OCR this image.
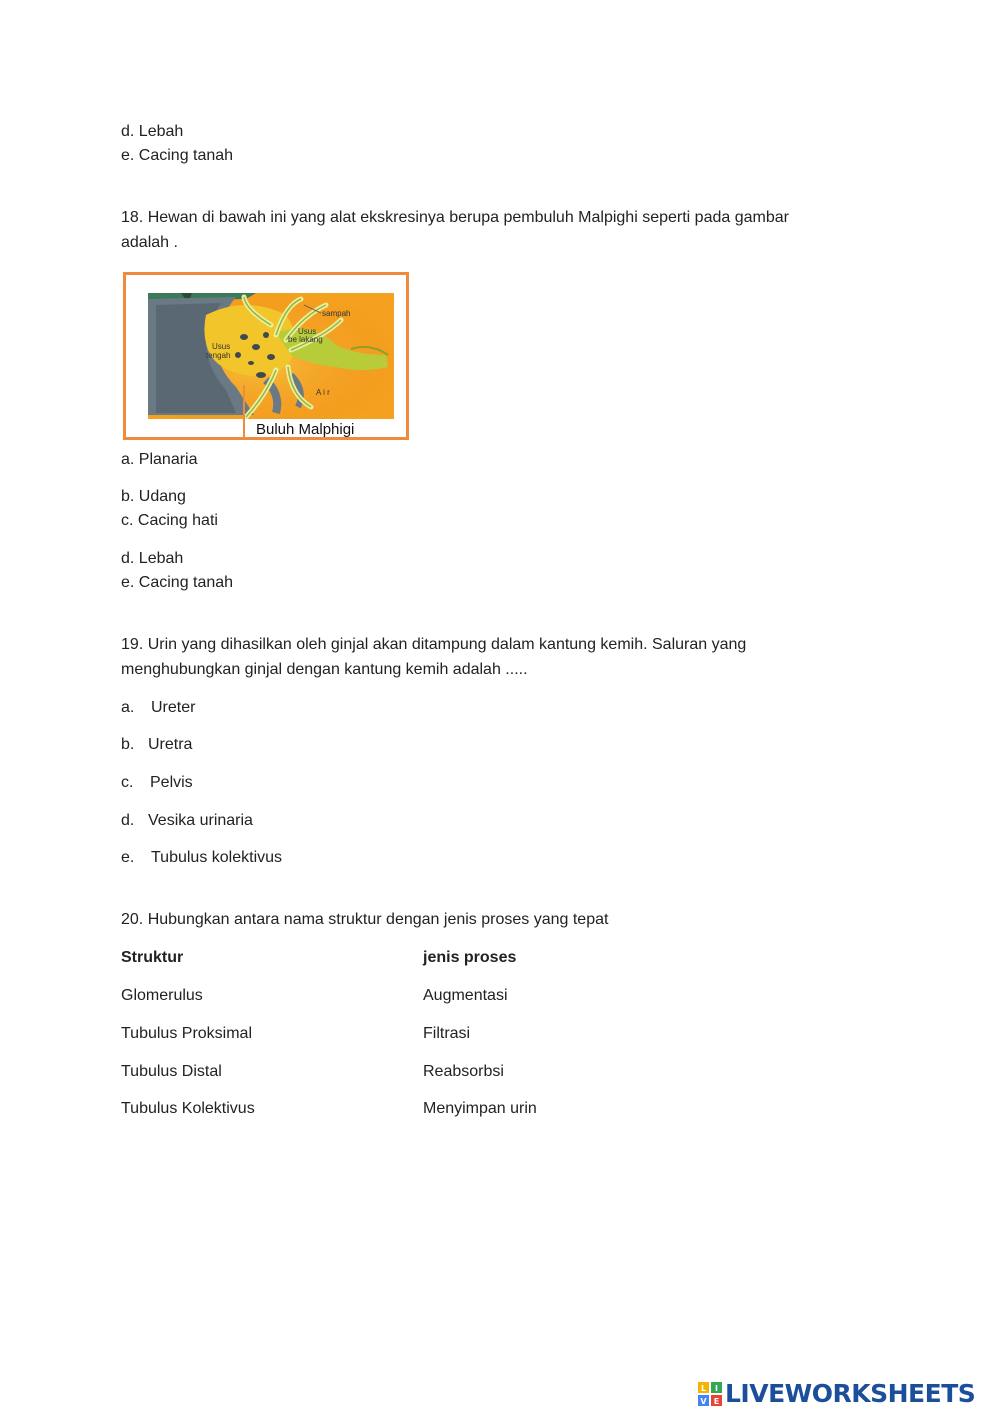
d. Lebah
e. Cacing tanah
18. Hewan di bawah ini yang alat ekskresinya berupa pembuluh Malpighi seperti pada gambar
adalah .
sampah
Usus
be lakang
Usus
tengah
A i r
Buluh Malphigi
a. Planaria
b. Udang
c. Cacing hati
d. Lebah
e. Cacing tanah
19. Urin yang dihasilkan oleh ginjal akan ditampung dalam kantung kemih. Saluran yang
menghubungkan ginjal dengan kantung kemih adalah .....
a. Ureter
b. Uretra
c. Pelvis
d. Vesika urinaria
e. Tubulus kolektivus
20. Hubungkan antara nama struktur dengan jenis proses yang tepat
Struktur	jenis proses
Glomerulus	Augmentasi
Tubulus Proksimal	Filtrasi
Tubulus Distal	Reabsorbsi
Tubulus Kolektivus	Menyimpan urin
L I
V E LIVEWORKSHEETS
